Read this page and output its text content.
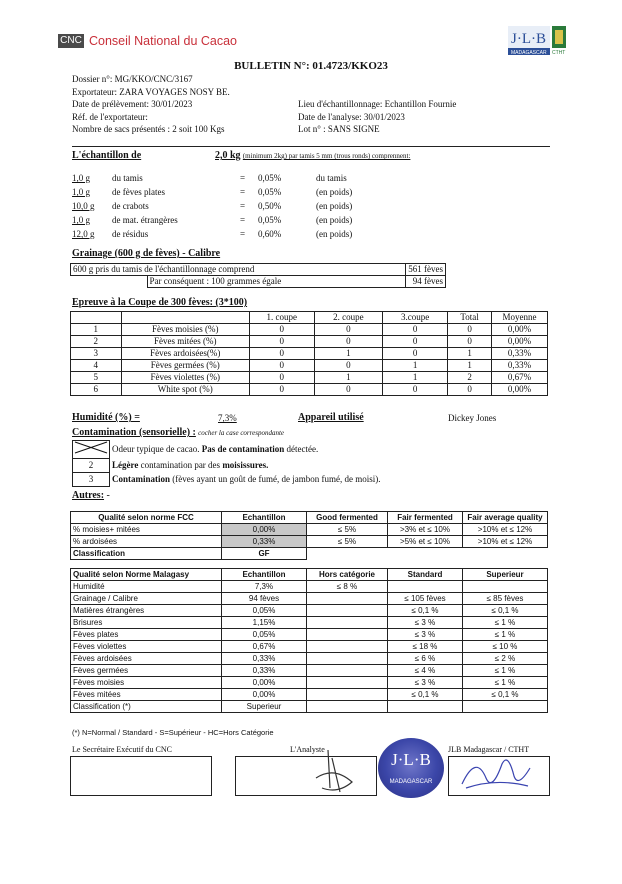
CNC Conseil National du Cacao	J·L·B
MADAGASCAR CTHT
BULLETIN N°: 01.4723/KKO23
Dossier n°: MG/KKO/CNC/3167
Exportateur: ZARA VOYAGES NOSY BE.
Date de prélèvement: 30/01/2023
Réf. de l'exportateur:
Nombre de sacs présentés : 2 soit 100 Kgs
Lieu d'échantillonnage: Echantillon Fournie
Date de l'analyse: 30/01/2023
Lot n° : SANS SIGNE
L'échantillon de	2,0 kg (minimum 2kg) par tamis 5 mm (trous ronds) comprennent:
1,0 g du tamis	= 0,05%	du tamis
1,0 g de fèves plates	= 0,05%	(en poids)
10,0 g de crabots	= 0,50%	(en poids)
1,0 g de mat. étrangères	= 0,05%	(en poids)
12,0 g de résidus	= 0,60%	(en poids)
Grainage (600 g de fèves) - Calibre
600 g pris du tamis de l'échantillonnage comprend		561 fèves
	Par conséquent : 100 grammes égale	94 fèves
Epreuve à la Coupe de 300 fèves: (3*100)
		1. coupe	2. coupe	3.coupe	Total	Moyenne
1	Fèves moisies (%)	0	0	0	0	0,00%
2	Fèves mitées (%)	0	0	0	0	0,00%
3	Fèves ardoisées(%)	0	1	0	1	0,33%
4	Fèves germées (%)	0	0	1	1	0,33%
5	Fèves violettes (%)	0	1	1	2	0,67%
6	White spot (%)	0	0	0	0	0,00%
Humidité (%) =	7,3%	Appareil utilisé	Dickey Jones
Contamination (sensorielle) : cocher la case correspondante
	Odeur typique de cacao. Pas de contamination détectée.
2	Légère contamination par des moisissures.
3	Contamination (fèves ayant un goût de fumé, de jambon fumé, de moisi).
Autres: -
Qualité selon norme FCC	Echantillon	Good fermented	Fair fermented	Fair average quality
% moisies+ mitées	0,00%	≤ 5%	>3% et ≤ 10%	>10% et ≤ 12%
% ardoisées	0,33%	≤ 5%	>5% et ≤ 10%	>10% et ≤ 12%
Classification	GF			
Qualité selon Norme Malagasy	Echantillon	Hors catégorie	Standard	Superieur
Humidité	7,3%	≤ 8 %		
Grainage / Calibre	94 fèves		≤ 105 fèves	≤ 85 fèves
Matières étrangères	0,05%		≤ 0,1 %	≤ 0,1 %
Brisures	1,15%		≤ 3 %	≤ 1 %
Fèves plates	0,05%		≤ 3 %	≤ 1 %
Fèves violettes	0,67%		≤ 18 %	≤ 10 %
Fèves ardoisées	0,33%		≤ 6 %	≤ 2 %
Fèves germées	0,33%		≤ 4 %	≤ 1 %
Fèves moisies	0,00%		≤ 3 %	≤ 1 %
Fèves mitées	0,00%		≤ 0,1 %	≤ 0,1 %
Classification (*)	Superieur			
(*) N=Normal / Standard - S=Supérieur - HC=Hors Catégorie
Le Secrétaire Exécutif du CNC	L'Analyste	JLB Madagascar / CTHT
J·L·B
MADAGASCAR
